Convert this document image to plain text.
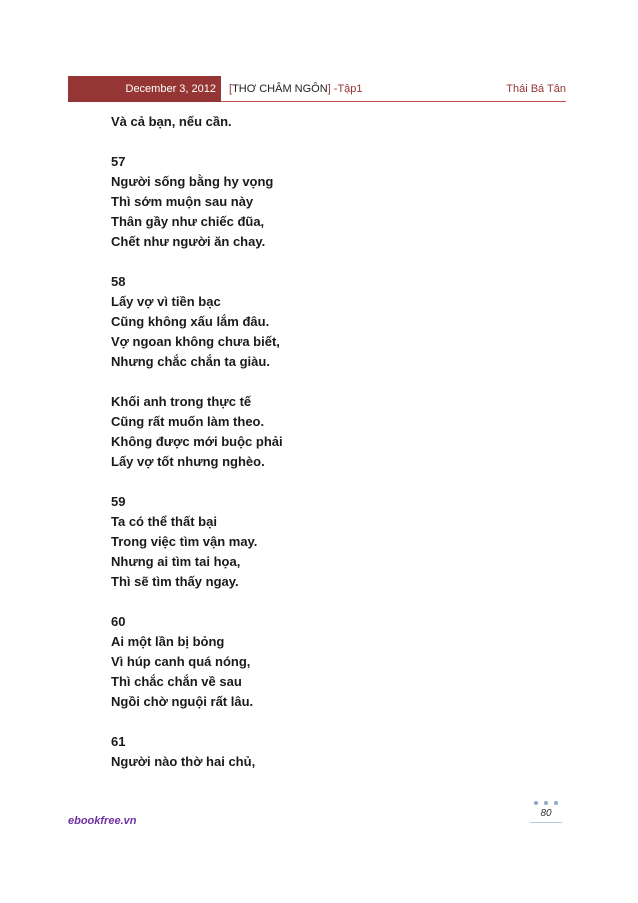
December 3, 2012	[THƠ CHÂM NGÔN] -Tập1	Thái Bá Tân
Và cả bạn, nếu cần.
57
Người sống bằng hy vọng
Thì sớm muộn sau này
Thân gầy như chiếc đũa,
Chết như người ăn chay.
58
Lấy vợ vì tiền bạc
Cũng không xấu lắm đâu.
Vợ ngoan không chưa biết,
Nhưng chắc chắn ta giàu.
Khối anh trong thực tế
Cũng rất muốn làm theo.
Không được mới buộc phải
Lấy vợ tốt nhưng nghèo.
59
Ta có thể thất bại
Trong việc tìm vận may.
Nhưng ai tìm tai họa,
Thì sẽ tìm thấy ngay.
60
Ai một lần bị bỏng
Vì húp canh quá nóng,
Thì chắc chắn về sau
Ngồi chờ nguội rất lâu.
61
Người nào thờ hai chủ,
80
ebookfree.vn
